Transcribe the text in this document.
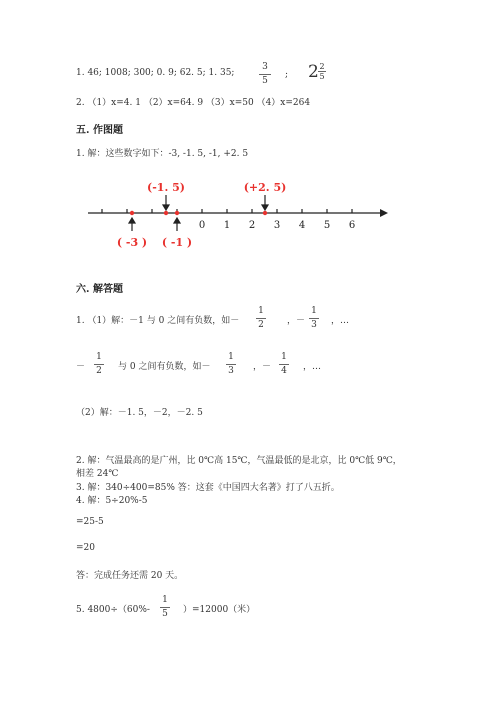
1. 46; 1008; 300; 0. 9; 62. 5; 1. 35;
3
5
; 2 2
5
2. （1）x=4. 1 （2）x=64. 9 （3）x=50 （4）x=264
五. 作图题
1. 解：这些数字如下：-3, -1. 5, -1, +2. 5
0 1 2 3 4 5 6
(-1. 5)	(+2. 5)
( -3 ) ( -1 )
六. 解答题
1. （1）解：－1 与 0 之间有负数，如－
1
2	，－
1
3 ，…
－
1
2 与 0 之间有负数，如－
1
3 ，－
1
4 ，…
（2）解：－1. 5，－2，－2. 5
2. 解：气温最高的是广州，比 0℃高 15℃，气温最低的是北京，比 0℃低 9℃，
相差 24℃
3. 解：340÷400=85% 答：这套《中国四大名著》打了八五折。
4. 解：5÷20%-5
=25-5
=20
答：完成任务还需 20 天。
5. 4800÷（60%-
1
5 ）=12000（米）
